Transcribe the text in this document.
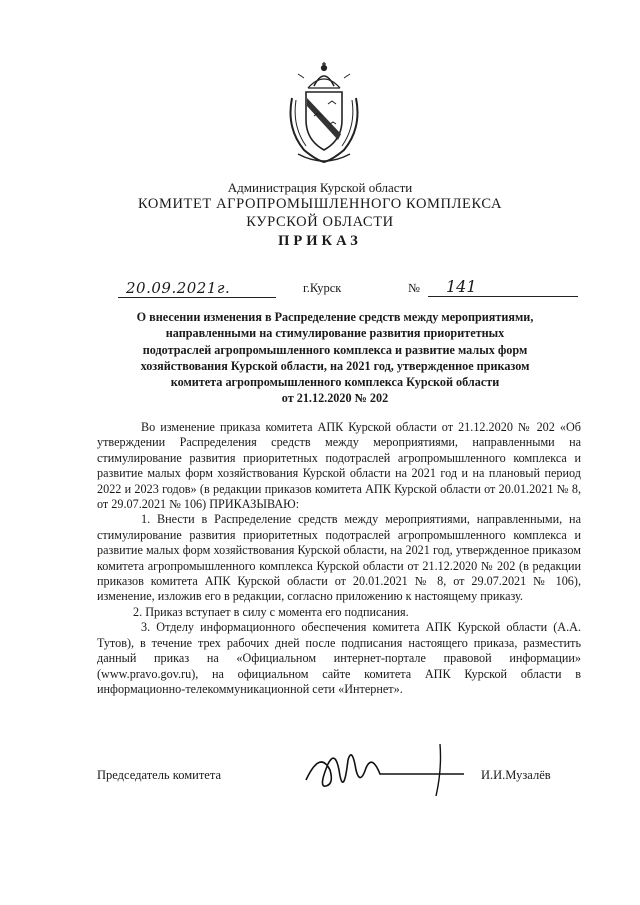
Администрация Курской области
КОМИТЕТ АГРОПРОМЫШЛЕННОГО КОМПЛЕКСА
КУРСКОЙ ОБЛАСТИ
ПРИКАЗ
20.09.2021г.	г.Курск	№	141

О внесении изменения в Распределение средств между мероприятиями,

направленными на стимулирование развития приоритетных

подотраслей агропромышленного комплекса и развитие малых форм

хозяйствования Курской области, на 2021 год, утвержденное приказом

комитета агропромышленного комплекса Курской области

от 21.12.2020 № 202

Во изменение приказа комитета АПК Курской области от 21.12.2020 № 202 «Об утверждении Распределения средств между мероприятиями, направленными на стимулирование развития приоритетных подотраслей агропромышленного комплекса и развитие малых форм хозяйствования Курской области на 2021 год и на плановый период 2022 и 2023 годов» (в редакции приказов комитета АПК Курской области от 20.01.2021 № 8, от 29.07.2021 № 106) ПРИКАЗЫВАЮ:

1. Внести в Распределение средств между мероприятиями, направленными, на стимулирование развития приоритетных подотраслей агропромышленного комплекса и развитие малых форм хозяйствования Курской области, на 2021 год, утвержденное приказом комитета агропромышленного комплекса Курской области от 21.12.2020 № 202 (в редакции приказов комитета АПК Курской области от 20.01.2021 № 8, от 29.07.2021 № 106), изменение, изложив его в редакции, согласно приложению к настоящему приказу.

2. Приказ вступает в силу с момента его подписания.

3. Отделу информационного обеспечения комитета АПК Курской области (А.А. Тутов), в течение трех рабочих дней после подписания настоящего приказа, разместить данный приказ на «Официальном интернет-портале правовой информации» (www.pravo.gov.ru), на официальном сайте комитета АПК Курской области в информационно-телекоммуникационной сети «Интернет».

Председатель комитета	И.И.Музалёв
